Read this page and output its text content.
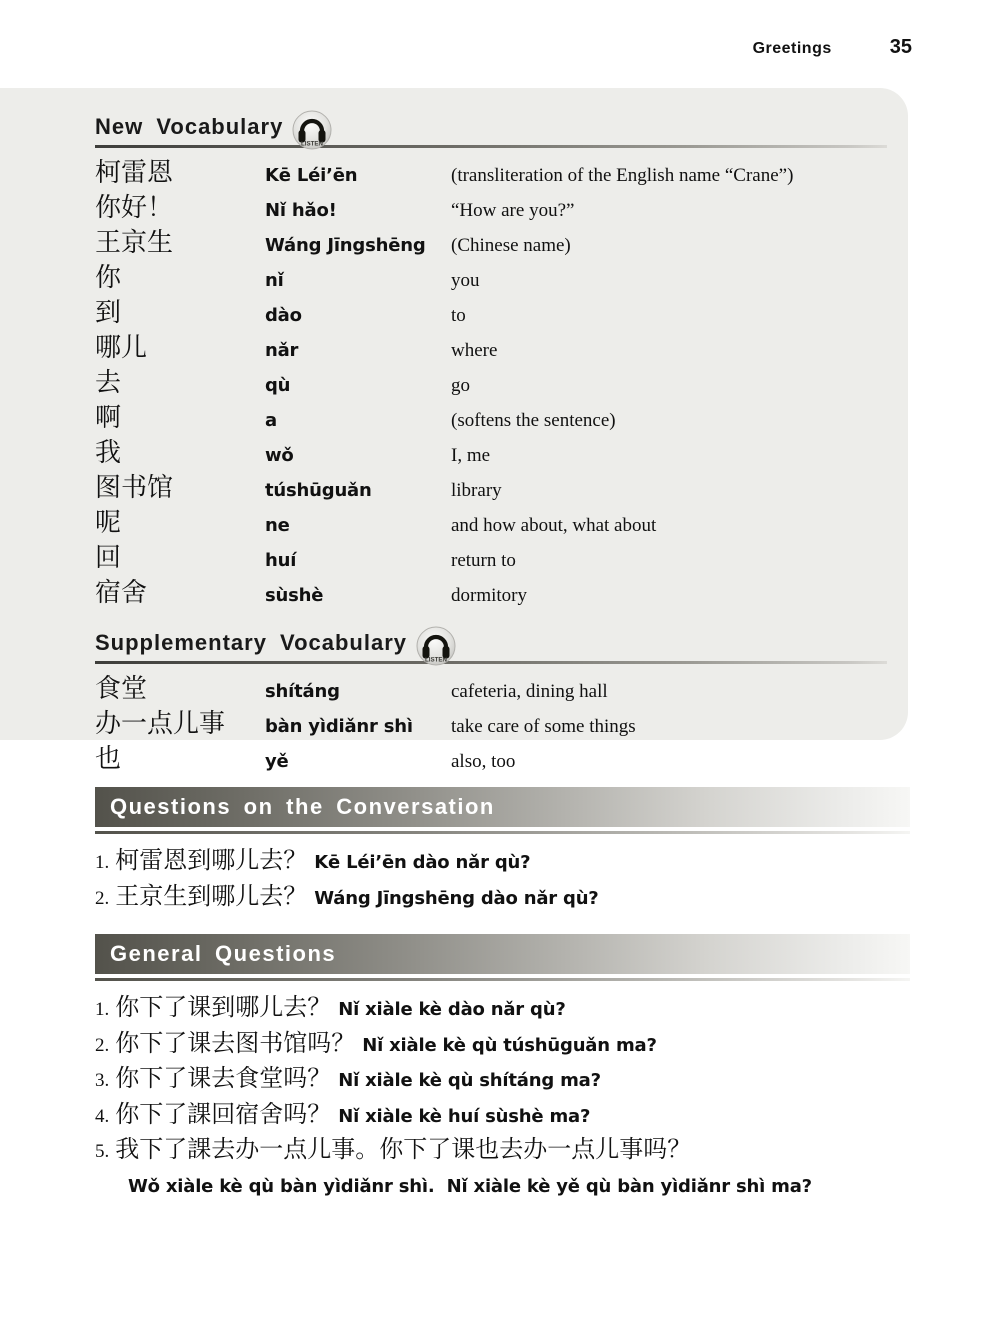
Greetings	35
New Vocabulary
LISTEN
柯雷恩	Kē Léi’ēn	(transliteration of the English name “Crane”)
你好！	Nǐ hǎo!	“How are you?”
王京生	Wáng Jīngshēng	(Chinese name)
你	nǐ	you
到	dào	to
哪儿	nǎr	where
去	qù	go
啊	a	(softens the sentence)
我	wǒ	I, me
图书馆	túshūguǎn	library
呢	ne	and how about, what about
回	huí	return to
宿舍	sùshè	dormitory
Supplementary Vocabulary
LISTEN
食堂	shítáng	cafeteria, dining hall
办一点儿事	bàn yìdiǎnr shì	take care of some things
也	yě	also, too
Questions on the Conversation
1. 柯雷恩到哪儿去？ Kē Léi’ēn dào nǎr qù?
2. 王京生到哪儿去？ Wáng Jīngshēng dào nǎr qù?
General Questions
1. 你下了课到哪儿去？ Nǐ xiàle kè dào nǎr qù?
2. 你下了课去图书馆吗？ Nǐ xiàle kè qù túshūguǎn ma?
3. 你下了课去食堂吗？ Nǐ xiàle kè qù shítáng ma?
4. 你下了課回宿舍吗？ Nǐ xiàle kè huí sùshè ma?
5. 我下了課去办一点儿事。你下了课也去办一点儿事吗？Wǒ xiàle kè qù bàn yìdiǎnr shì.  Nǐ xiàle kè yě qù bàn yìdiǎnr shì ma?
